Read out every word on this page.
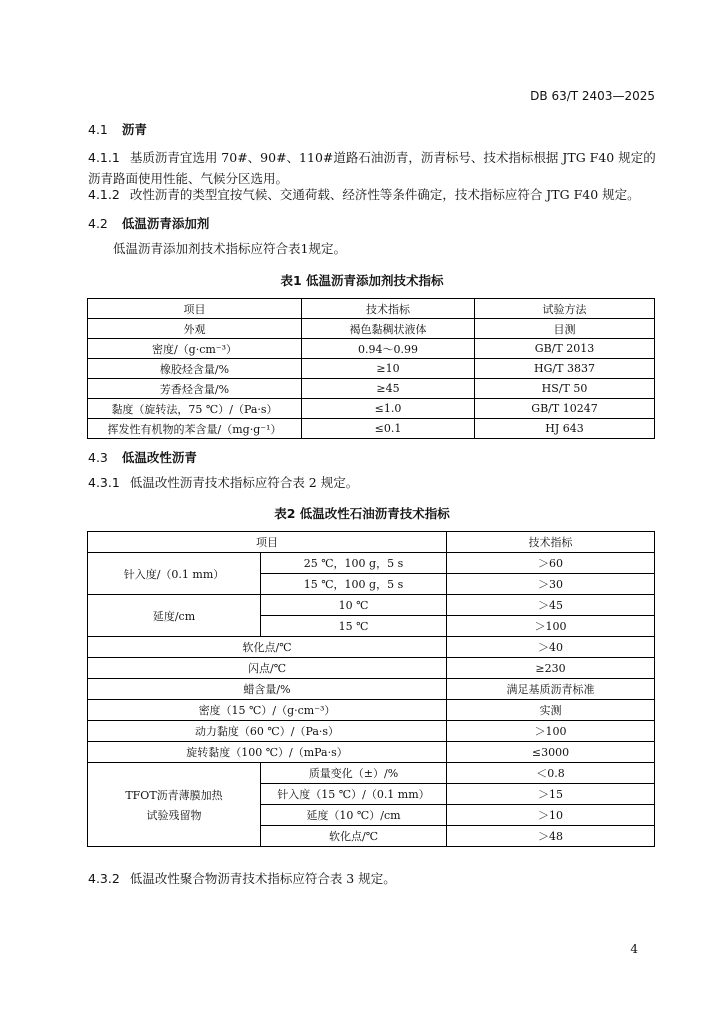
DB 63/T 2403—2025
4.1 沥青
4.1.1 基质沥青宜选用 70#、90#、110#道路石油沥青，沥青标号、技术指标根据 JTG F40 规定的沥青路面使用性能、气候分区选用。
4.1.2 改性沥青的类型宜按气候、交通荷载、经济性等条件确定，技术指标应符合 JTG F40 规定。
4.2 低温沥青添加剂
低温沥青添加剂技术指标应符合表1规定。
表1 低温沥青添加剂技术指标
项目	技术指标	试验方法
外观	褐色黏稠状液体	目测
密度/（g·cm⁻³）	0.94～0.99	GB/T 2013
橡胶烃含量/%	≥10	HG/T 3837
芳香烃含量/%	≥45	HS/T 50
黏度（旋转法，75 ℃）/（Pa·s）	≤1.0	GB/T 10247
挥发性有机物的苯含量/（mg·g⁻¹）	≤0.1	HJ 643
4.3 低温改性沥青
4.3.1 低温改性沥青技术指标应符合表 2 规定。
表2 低温改性石油沥青技术指标
项目		技术指标
针入度/（0.1 mm）	25 ℃，100 g，5 s	＞60
	15 ℃，100 g，5 s	＞30
延度/cm	10 ℃	＞45
	15 ℃	＞100
软化点/℃		＞40
闪点/℃		≥230
蜡含量/%		满足基质沥青标准
密度（15 ℃）/（g·cm⁻³）		实测
动力黏度（60 ℃）/（Pa·s）		＞100
旋转黏度（100 ℃）/（mPa·s）		≤3000

TFOT沥青薄膜加热
试验残留物	质量变化（±）/%	＜0.8
	针入度（15 ℃）/（0.1 mm）	＞15
	延度（10 ℃）/cm	＞10
	软化点/℃	＞48
4.3.2 低温改性聚合物沥青技术指标应符合表 3 规定。
4
